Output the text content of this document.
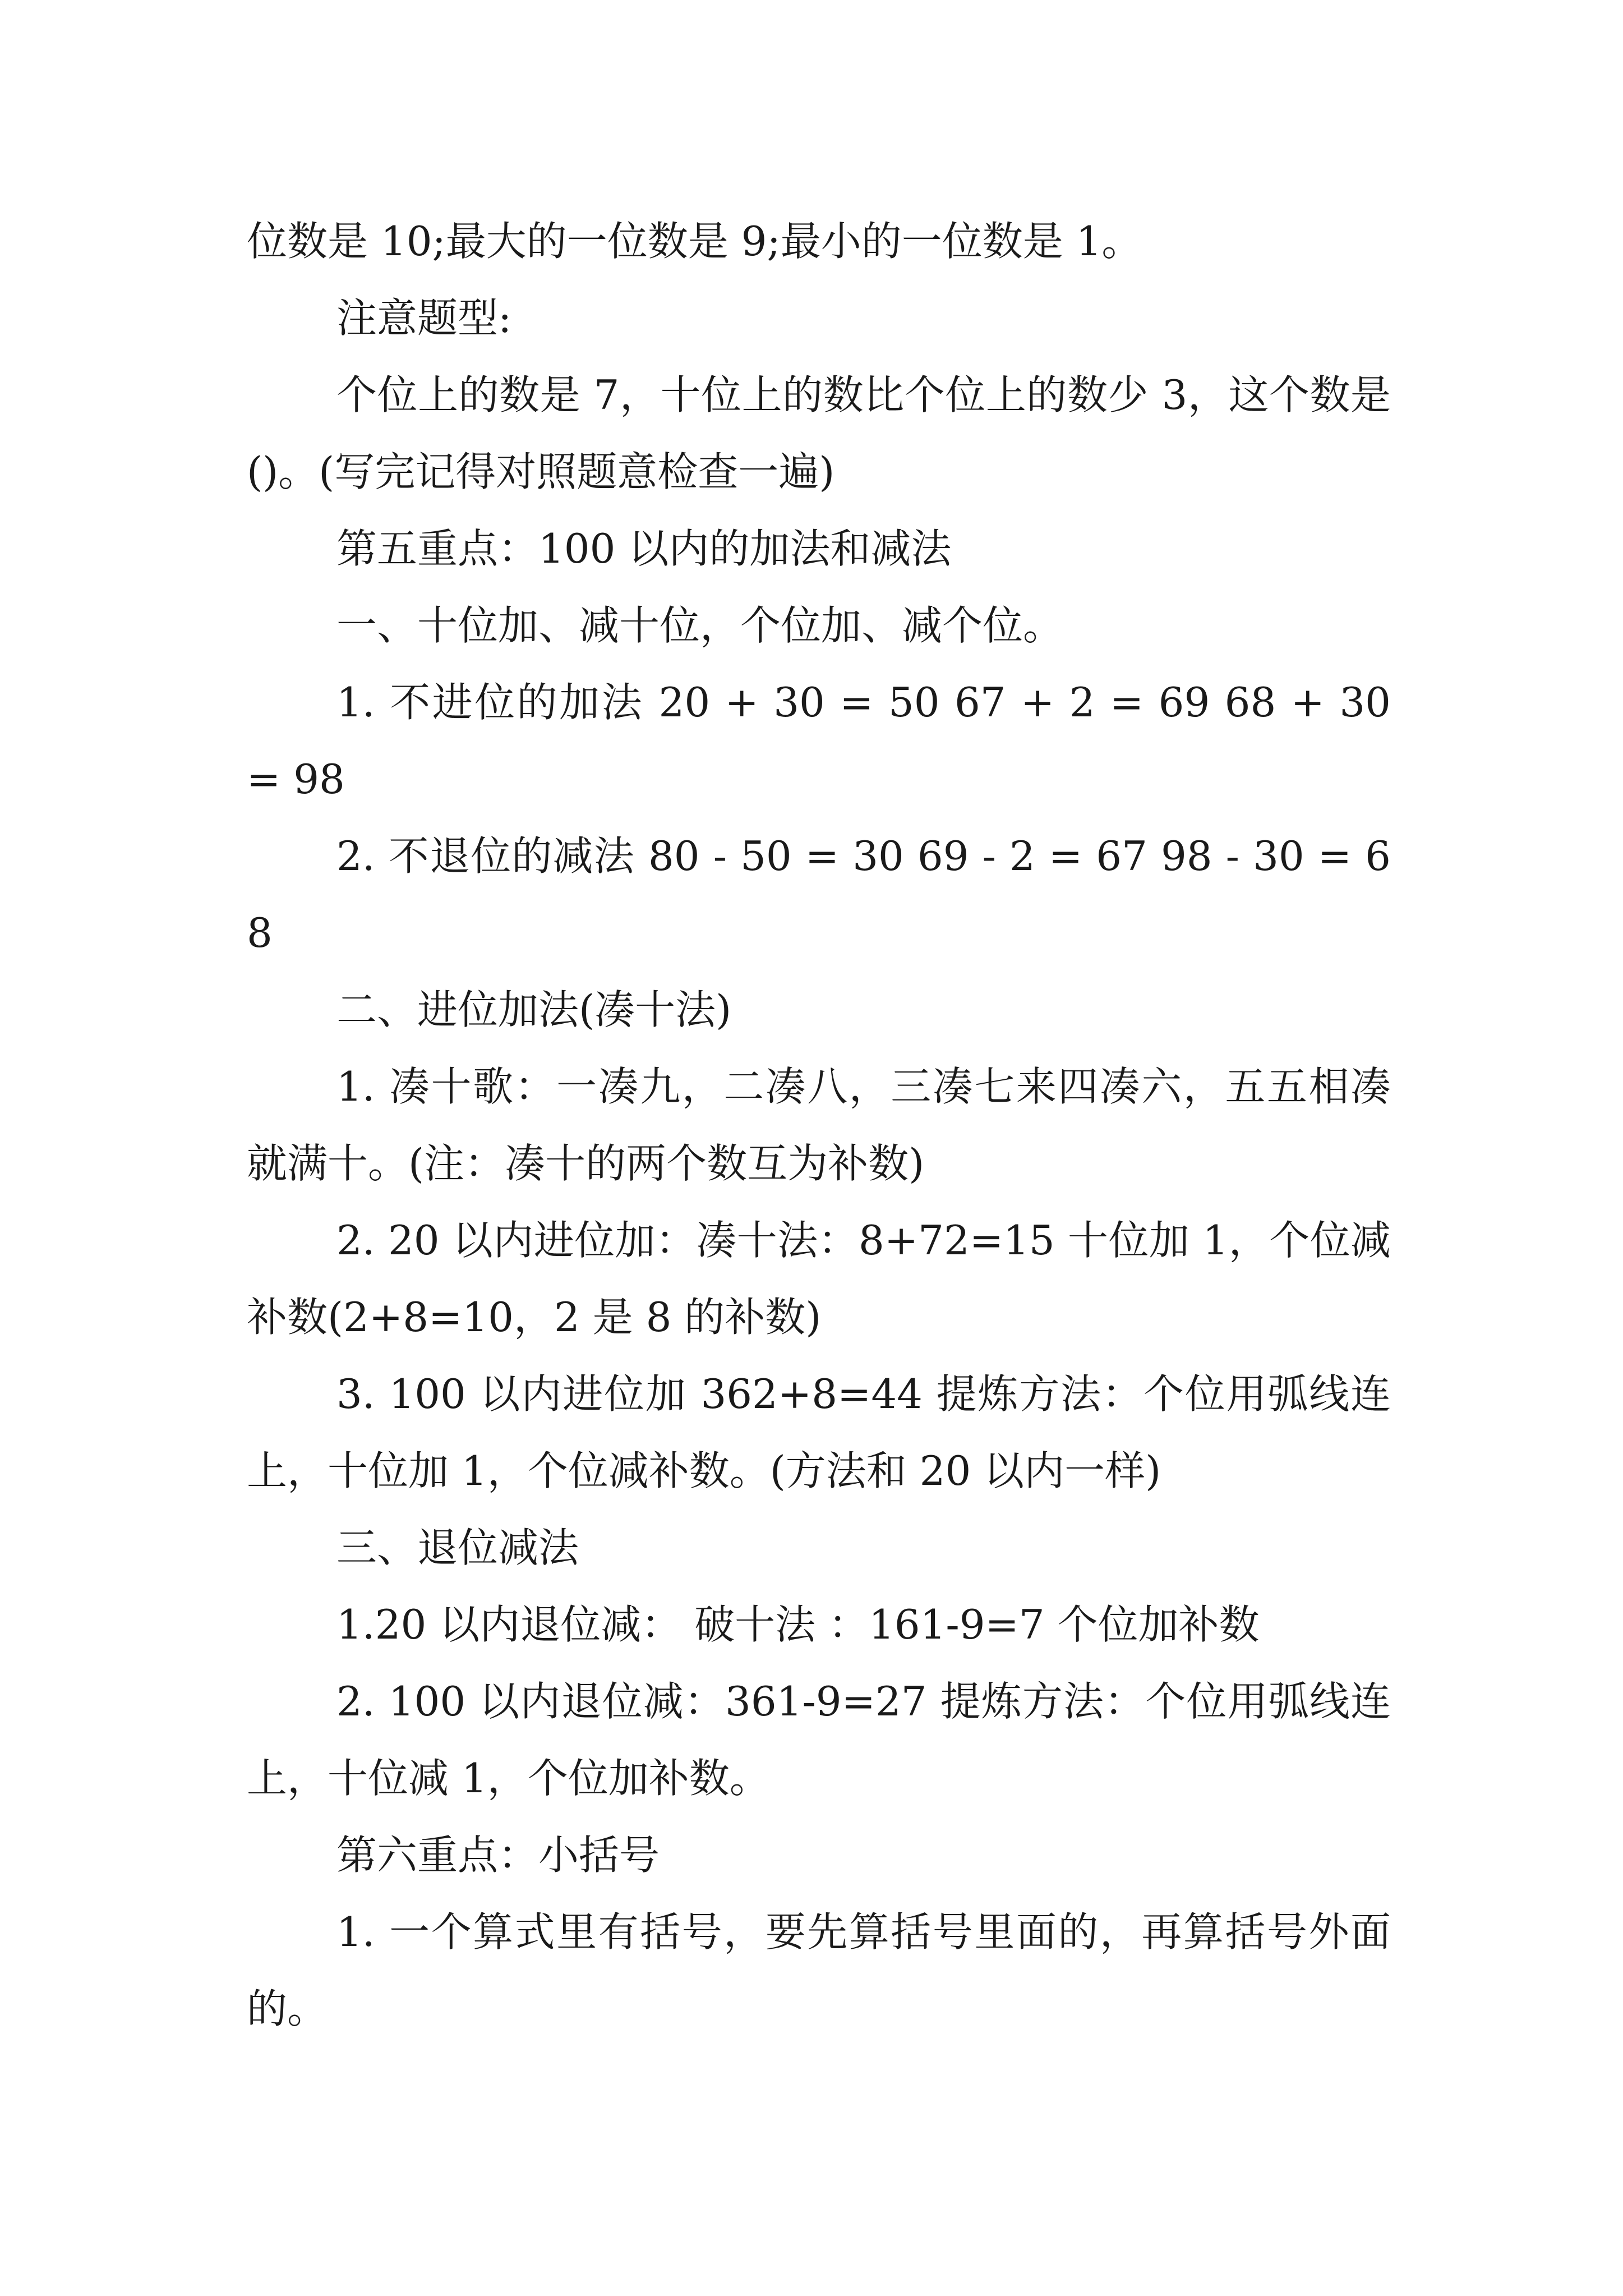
位数是 10;最大的一位数是 9;最小的一位数是 1。

注意题型:

个位上的数是 7，十位上的数比个位上的数少 3，这个数是()。(写完记得对照题意检查一遍)

第五重点：100 以内的加法和减法

一、十位加、减十位，个位加、减个位。

1. 不进位的加法 20 + 30 = 50 67 + 2 = 69 68 + 30 = 98

2. 不退位的减法 80 - 50 = 30 69 - 2 = 67 98 - 30 = 68

二、进位加法(凑十法)

1. 凑十歌：一凑九，二凑八，三凑七来四凑六，五五相凑就满十。(注：凑十的两个数互为补数)

2. 20 以内进位加：凑十法：8+72=15 十位加 1，个位减补数(2+8=10，2 是 8 的补数)

3. 100 以内进位加 362+8=44 提炼方法：个位用弧线连上，十位加 1，个位减补数。(方法和 20 以内一样)

三、退位减法

1.20 以内退位减： 破十法 ：161-9=7 个位加补数

2. 100 以内退位减：361-9=27 提炼方法：个位用弧线连上，十位减 1，个位加补数。

第六重点：小括号

1. 一个算式里有括号，要先算括号里面的，再算括号外面的。
